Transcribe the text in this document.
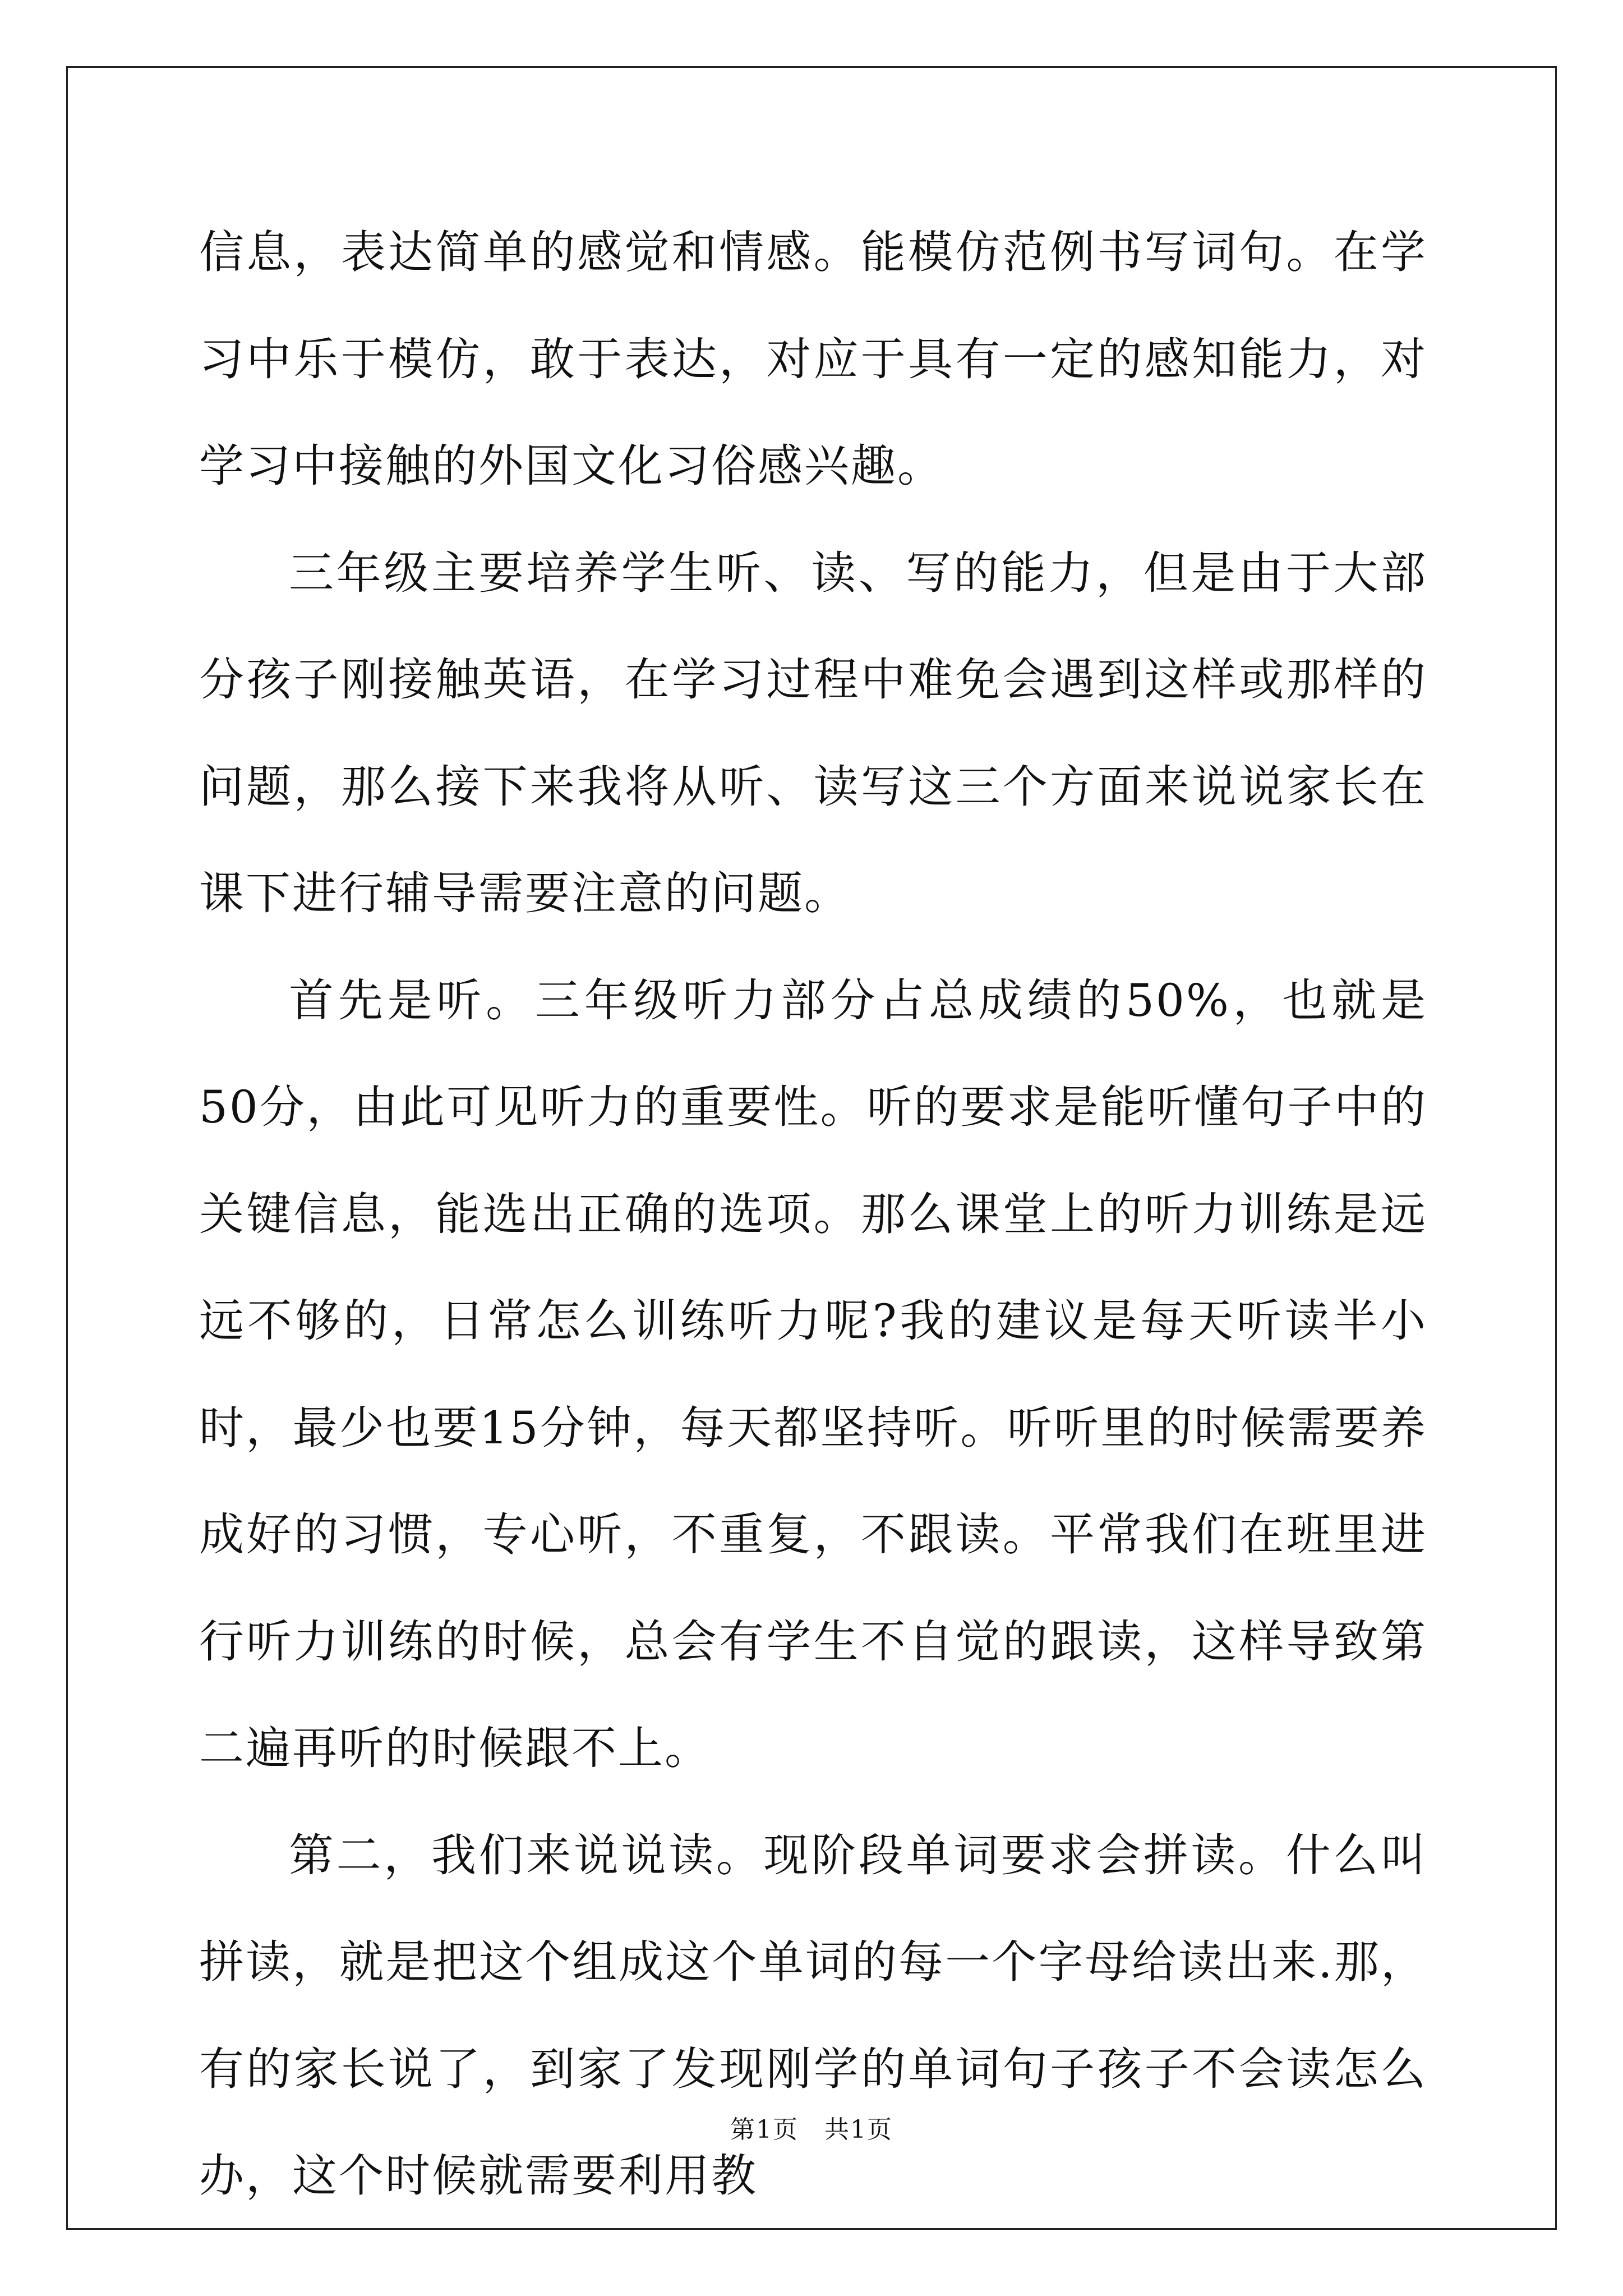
信息，表达简单的感觉和情感。能模仿范例书写词句。在学习中乐于模仿，敢于表达，对应于具有一定的感知能力，对学习中接触的外国文化习俗感兴趣。

三年级主要培养学生听、读、写的能力，但是由于大部分孩子刚接触英语，在学习过程中难免会遇到这样或那样的问题，那么接下来我将从听、读写这三个方面来说说家长在课下进行辅导需要注意的问题。

首先是听。三年级听力部分占总成绩的50%，也就是50分，由此可见听力的重要性。听的要求是能听懂句子中的关键信息，能选出正确的选项。那么课堂上的听力训练是远远不够的，日常怎么训练听力呢?我的建议是每天听读半小时，最少也要15分钟，每天都坚持听。听听里的时候需要养成好的习惯，专心听，不重复，不跟读。平常我们在班里进行听力训练的时候，总会有学生不自觉的跟读，这样导致第二遍再听的时候跟不上。

第二，我们来说说读。现阶段单词要求会拼读。什么叫拼读，就是把这个组成这个单词的每一个字母给读出来.那，有的家长说了，到家了发现刚学的单词句子孩子不会读怎么办，这个时候就需要利用教

第1页　共1页
